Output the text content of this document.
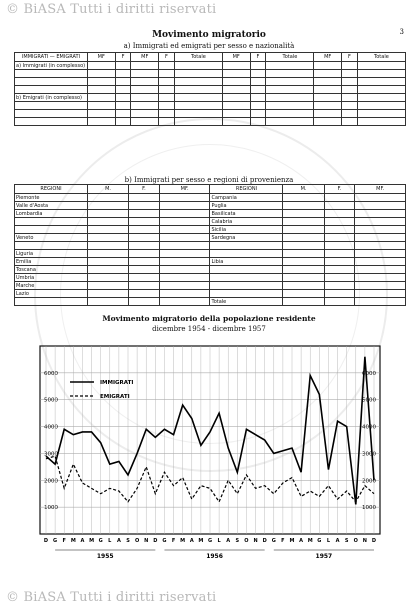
© BiASA Tutti i diritti riservati
© BiASA Tutti i diritti riservati
3
Movimento migratorio
a) Immigrati ed emigrati per sesso e nazionalità
IMMIGRATI — EMIGRATI	MF	F	MF	F	Totale	MF	F	Totale	MF	F	Totale
a) Immigrati (in complesso)											

b) Emigrati (in complesso)											

b) Immigrati per sesso e regioni di provenienza
REGIONI	M.	F.	MF.	REGIONI	M.	F.	MF.
Piemonte				Campania			
Valle d'Aosta				Puglia			
Lombardia				Basilicata			
				Calabria			
				Sicilia			
Veneto				Sardegna			

Liguria							
Emilia				Libia			
Toscana							
Umbria							
Marche							
Lazio							
				Totale			
Movimento migratorio della popolazione residente
dicembre 1954 - dicembre 1957
1000	1000
2000	2000
3000	3000
4000	4000
5000	5000
6000	6000
D G F M A M G L A S O N D G F M A M G L A S O N D G F M A M G L A S O N D
1955	1956	1957
IMMIGRATI
EMIGRATI
